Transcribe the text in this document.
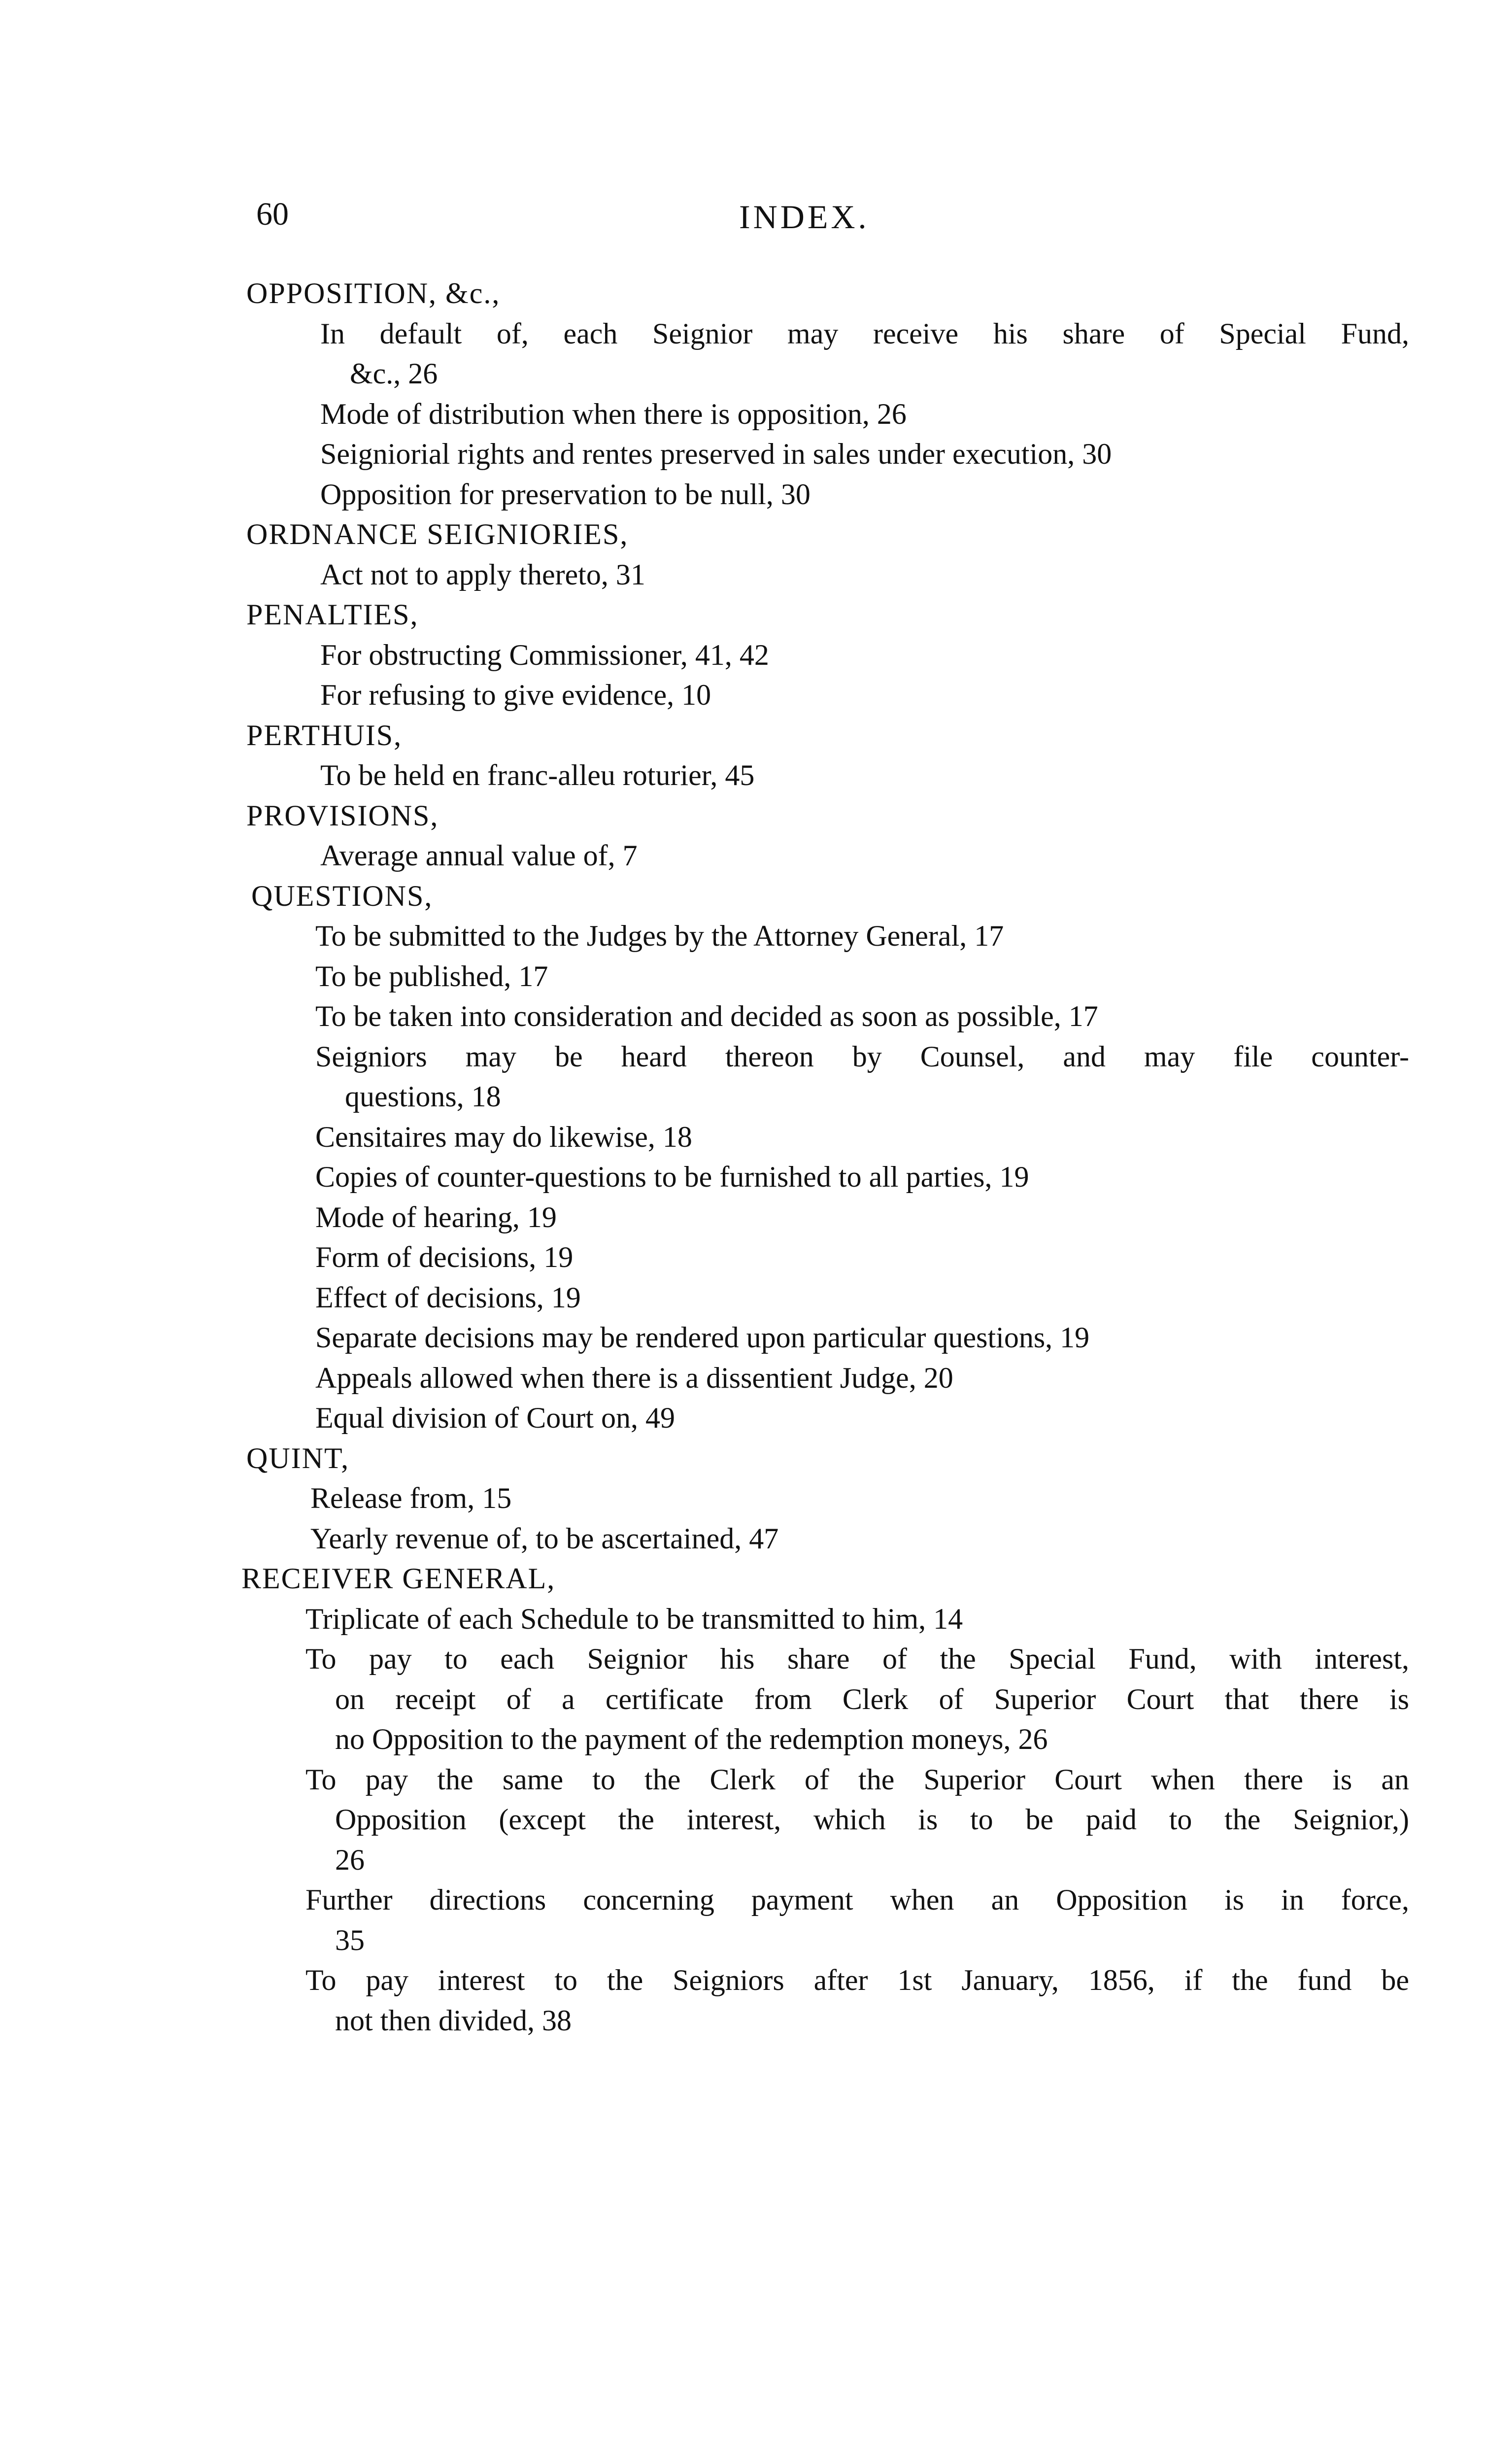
60	INDEX.

OPPOSITION, &c.,

In default of, each Seignior may receive his share of Special Fund,
&c., 26

Mode of distribution when there is opposition, 26

Seigniorial rights and rentes preserved in sales under execution, 30

Opposition for preservation to be null, 30

ORDNANCE SEIGNIORIES,

Act not to apply thereto, 31

PENALTIES,

For obstructing Commissioner, 41, 42

For refusing to give evidence, 10

PERTHUIS,

To be held en franc-alleu roturier, 45

PROVISIONS,

Average annual value of, 7

QUESTIONS,

To be submitted to the Judges by the Attorney General, 17

To be published, 17

To be taken into consideration and decided as soon as possible, 17

Seigniors may be heard thereon by Counsel, and may file counter-
questions, 18

Censitaires may do likewise, 18

Copies of counter-questions to be furnished to all parties, 19

Mode of hearing, 19

Form of decisions, 19

Effect of decisions, 19

Separate decisions may be rendered upon particular questions, 19

Appeals allowed when there is a dissentient Judge, 20

Equal division of Court on, 49

QUINT,

Release from, 15

Yearly revenue of, to be ascertained, 47

RECEIVER GENERAL,

Triplicate of each Schedule to be transmitted to him, 14

To pay to each Seignior his share of the Special Fund, with interest,
on receipt of a certificate from Clerk of Superior Court that there is
no Opposition to the payment of the redemption moneys, 26

To pay the same to the Clerk of the Superior Court when there is an
Opposition (except the interest, which is to be paid to the Seignior,)
26

Further directions concerning payment when an Opposition is in force,
35

To pay interest to the Seigniors after 1st January, 1856, if the fund be
not then divided, 38
